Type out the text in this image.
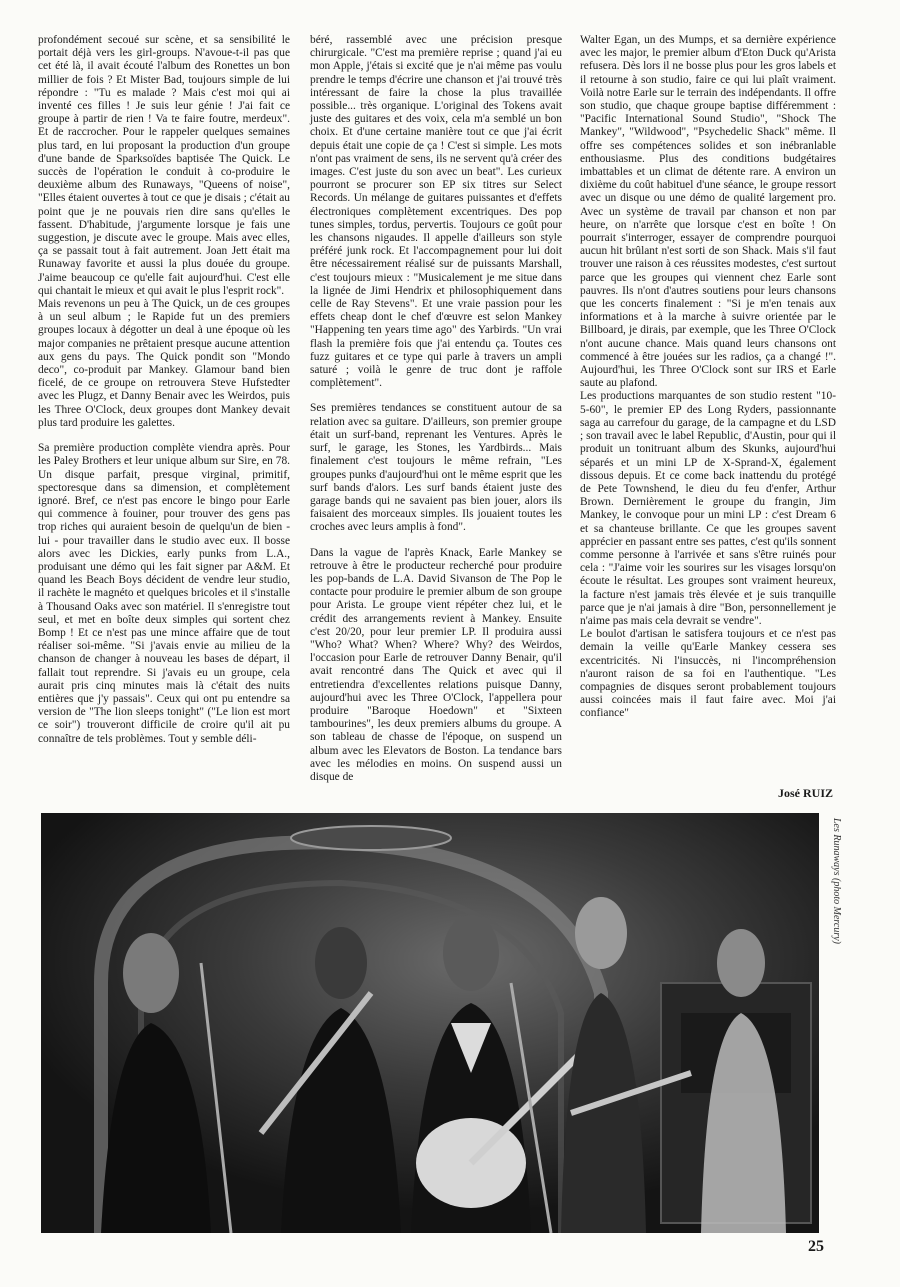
profondément secoué sur scène, et sa sensibilité le portait déjà vers les girl-groups. N'avoue-t-il pas que cet été là, il avait écouté l'album des Ronettes un bon millier de fois ? Et Mister Bad, toujours simple de lui répondre : "Tu es malade ? Mais c'est moi qui ai inventé ces filles ! Je suis leur génie ! J'ai fait ce groupe à partir de rien ! Va te faire foutre, merdeux". Et de raccrocher. Pour le rappeler quelques semaines plus tard, en lui proposant la production d'un groupe d'une bande de Sparksoïdes baptisée The Quick. Le succès de l'opération le conduit à co-produire le deuxième album des Runaways, "Queens of noise", "Elles étaient ouvertes à tout ce que je disais ; c'était au point que je ne pouvais rien dire sans qu'elles le fassent. D'habitude, j'argumente lorsque je fais une suggestion, je discute avec le groupe. Mais avec elles, ça se passait tout à fait autrement. Joan Jett était ma Runaway favorite et aussi la plus douée du groupe. J'aime beaucoup ce qu'elle fait aujourd'hui. C'est elle qui chantait le mieux et qui avait le plus l'esprit rock".

Mais revenons un peu à The Quick, un de ces groupes à un seul album ; le Rapide fut un des premiers groupes locaux à dégotter un deal à une époque où les major companies ne prêtaient presque aucune attention aux gens du pays. The Quick pondit son "Mondo deco", co-produit par Mankey. Glamour band bien ficelé, de ce groupe on retrouvera Steve Hufstedter avec les Plugz, et Danny Benair avec les Weirdos, puis les Three O'Clock, deux groupes dont Mankey devait plus tard produire les galettes.

Sa première production complète viendra après. Pour les Paley Brothers et leur unique album sur Sire, en 78. Un disque parfait, presque virginal, primitif, spectoresque dans sa dimension, et complètement ignoré. Bref, ce n'est pas encore le bingo pour Earle qui commence à fouiner, pour trouver des gens pas trop riches qui auraient besoin de quelqu'un de bien - lui - pour travailler dans le studio avec eux. Il bosse alors avec les Dickies, early punks from L.A., produisant une démo qui les fait signer par A&M. Et quand les Beach Boys décident de vendre leur studio, il rachète le magnéto et quelques bricoles et il s'installe à Thousand Oaks avec son matériel. Il s'enregistre tout seul, et met en boîte deux simples qui sortent chez Bomp ! Et ce n'est pas une mince affaire que de tout réaliser soi-même. "Si j'avais envie au milieu de la chanson de changer à nouveau les bases de départ, il fallait tout reprendre. Si j'avais eu un groupe, cela aurait pris cinq minutes mais là c'était des nuits entières que j'y passais". Ceux qui ont pu entendre sa version de "The lion sleeps tonight" ("Le lion est mort ce soir") trouveront difficile de croire qu'il ait pu connaître de tels problèmes. Tout y semble déli-

béré, rassemblé avec une précision presque chirurgicale. "C'est ma première reprise ; quand j'ai eu mon Apple, j'étais si excité que je n'ai même pas voulu prendre le temps d'écrire une chanson et j'ai trouvé très intéressant de faire la chose la plus travaillée possible... très organique. L'original des Tokens avait juste des guitares et des voix, cela m'a semblé un bon choix. Et d'une certaine manière tout ce que j'ai écrit depuis était une copie de ça ! C'est si simple. Les mots n'ont pas vraiment de sens, ils ne servent qu'à créer des images. C'est juste du son avec un beat". Les curieux pourront se procurer son EP six titres sur Select Records. Un mélange de guitares puissantes et d'effets électroniques complètement excentriques. Des pop tunes simples, tordus, pervertis. Toujours ce goût pour les chansons nigaudes. Il appelle d'ailleurs son style préféré junk rock. Et l'accompagnement pour lui doit être nécessairement réalisé sur de puissants Marshall, c'est toujours mieux : "Musicalement je me situe dans la lignée de Jimi Hendrix et philosophiquement dans celle de Ray Stevens". Et une vraie passion pour les effets cheap dont le chef d'œuvre est selon Mankey "Happening ten years time ago" des Yarbirds. "Un vrai flash la première fois que j'ai entendu ça. Toutes ces fuzz guitares et ce type qui parle à travers un ampli saturé ; voilà le genre de truc dont je raffole complètement".

Ses premières tendances se constituent autour de sa relation avec sa guitare. D'ailleurs, son premier groupe était un surf-band, reprenant les Ventures. Après le surf, le garage, les Stones, les Yardbirds... Mais finalement c'est toujours le même refrain, "Les groupes punks d'aujourd'hui ont le même esprit que les surf bands d'alors. Les surf bands étaient juste des garage bands qui ne savaient pas bien jouer, alors ils faisaient des morceaux simples. Ils jouaient toutes les croches avec leurs amplis à fond".

Dans la vague de l'après Knack, Earle Mankey se retrouve à être le producteur recherché pour produire les pop-bands de L.A. David Sivanson de The Pop le contacte pour produire le premier album de son groupe pour Arista. Le groupe vient répéter chez lui, et le crédit des arrangements revient à Mankey. Ensuite c'est 20/20, pour leur premier LP. Il produira aussi "Who? What? When? Where? Why? des Weirdos, l'occasion pour Earle de retrouver Danny Benair, qu'il avait rencontré dans The Quick et avec qui il entretiendra d'excellentes relations puisque Danny, aujourd'hui avec les Three O'Clock, l'appellera pour produire "Baroque Hoedown" et "Sixteen tambourines", les deux premiers albums du groupe. A son tableau de chasse de l'époque, on suspend un album avec les Elevators de Boston. La tendance bars avec les mélodies en moins. On suspend aussi un disque de

Walter Egan, un des Mumps, et sa dernière expérience avec les major, le premier album d'Eton Duck qu'Arista refusera. Dès lors il ne bosse plus pour les gros labels et il retourne à son studio, faire ce qui lui plaît vraiment. Voilà notre Earle sur le terrain des indépendants. Il offre son studio, que chaque groupe baptise différemment : "Pacific International Sound Studio", "Shock The Mankey", "Wildwood", "Psychedelic Shack" même. Il offre ses compétences solides et son inébranlable enthousiasme. Plus des conditions budgétaires imbattables et un climat de détente rare. A environ un dixième du coût habituel d'une séance, le groupe ressort avec un disque ou une démo de qualité largement pro. Avec un système de travail par chanson et non par heure, on n'arrête que lorsque c'est en boîte ! On pourrait s'interroger, essayer de comprendre pourquoi aucun hit brûlant n'est sorti de son Shack. Mais s'il faut trouver une raison à ces réussites modestes, c'est surtout parce que les groupes qui viennent chez Earle sont pauvres. Ils n'ont d'autres soutiens pour leurs chansons que les concerts finalement : "Si je m'en tenais aux informations et à la marche à suivre orientée par le Billboard, je dirais, par exemple, que les Three O'Clock n'ont aucune chance. Mais quand leurs chansons ont commencé à être jouées sur les radios, ça a changé !". Aujourd'hui, les Three O'Clock sont sur IRS et Earle saute au plafond.

Les productions marquantes de son studio restent "10-5-60", le premier EP des Long Ryders, passionnante saga au carrefour du garage, de la campagne et du LSD ; son travail avec le label Republic, d'Austin, pour qui il produit un tonitruant album des Skunks, aujourd'hui séparés et un mini LP de X-Sprand-X, également dissous depuis. Et ce come back inattendu du protégé de Pete Townshend, le dieu du feu d'enfer, Arthur Brown. Dernièrement le groupe du frangin, Jim Mankey, le convoque pour un mini LP : c'est Dream 6 et sa chanteuse brillante. Ce que les groupes savent apprécier en passant entre ses pattes, c'est qu'ils sonnent comme personne à l'arrivée et sans s'être ruinés pour cela : "J'aime voir les sourires sur les visages lorsqu'on écoute le résultat. Les groupes sont vraiment heureux, la facture n'est jamais très élevée et je suis tranquille parce que je n'ai jamais à dire "Bon, personnellement je n'aime pas mais cela devrait se vendre".

Le boulot d'artisan le satisfera toujours et ce n'est pas demain la veille qu'Earle Mankey cessera ses excentricités. Ni l'insuccès, ni l'incompréhension n'auront raison de sa foi en l'authentique. "Les compagnies de disques seront probablement toujours aussi coincées mais il faut faire avec. Moi j'ai confiance"

José RUIZ
Les Runaways (photo Mercury)
25
